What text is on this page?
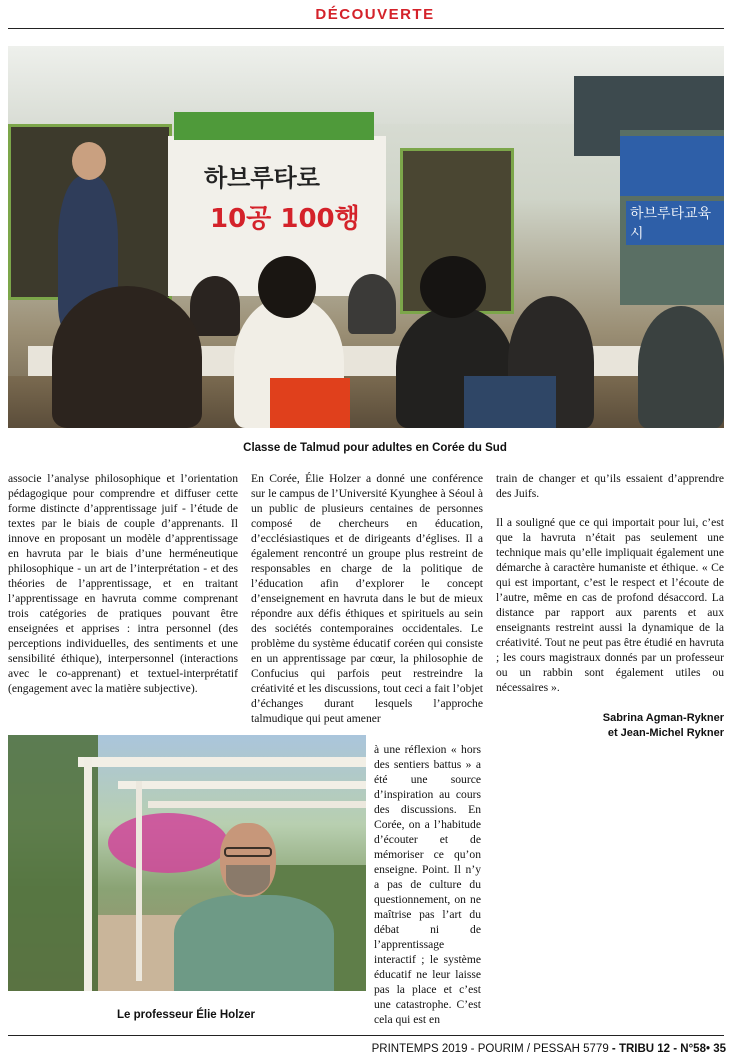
DÉCOUVERTE
하브루타교육시
하브루타로
10공 100행
Classe de Talmud pour adultes en Corée du Sud

associe l’analyse philosophique et l’orientation pédagogique pour comprendre et diffuser cette forme distincte d’apprentissage juif - l’étude de textes par le biais de couple d’apprenants. Il innove en proposant un modèle d’apprentissage en havruta par le biais d’une herméneutique philosophique - un art de l’interprétation - et des théories de l’apprentissage, et en traitant l’apprentissage en havruta comme comprenant trois catégories de pratiques pouvant être enseignées et apprises : intra personnel (des perceptions individuelles, des sentiments et une sensibilité éthique), interpersonnel (interactions avec le co-apprenant) et textuel-interprétatif (engagement avec la matière subjective).

En Corée, Élie Holzer a donné une conférence sur le campus de l’Université Kyunghee à Séoul à un public de plusieurs centaines de personnes composé de chercheurs en éducation, d’ecclésiastiques et de dirigeants d’églises. Il a également rencontré un groupe plus restreint de responsables en charge de la politique de l’éducation afin d’explorer le concept d’enseignement en havruta dans le but de mieux répondre aux défis éthiques et spirituels au sein des sociétés contemporaines occidentales. Le problème du système éducatif coréen qui consiste en un apprentissage par cœur, la philosophie de Confucius qui parfois peut restreindre la créativité et les discussions, tout ceci a fait l’objet d’échanges durant lesquels l’approche talmudique qui peut amener

à une réflexion « hors des sentiers battus » a été une source d’inspiration au cours des discussions. En Corée, on a l’habitude d’écouter et de mémoriser ce qu’on enseigne. Point. Il n’y a pas de culture du questionnement, on ne maîtrise pas l’art du débat ni de l’apprentissage interactif ; le système éducatif ne leur laisse pas la place et c’est une catastrophe. C’est cela qui est en

train de changer et qu’ils essaient d’apprendre des Juifs.

Il a souligné que ce qui importait pour lui, c’est que la havruta n’était pas seulement une technique mais qu’elle impliquait également une démarche à caractère humaniste et éthique. « Ce qui est important, c’est le respect et l’écoute de l’autre, même en cas de profond désaccord. La distance par rapport aux parents et aux enseignants restreint aussi la dynamique de la créativité. Tout ne peut pas être étudié en havruta ; les cours magistraux donnés par un professeur ou un rabbin sont également utiles ou nécessaires ».

Sabrina Agman-Rykner
et Jean-Michel Rykner
Le professeur Élie Holzer
PRINTEMPS 2019 - POURIM / PESSAH 5779 - TRIBU 12 - N°58• 35
